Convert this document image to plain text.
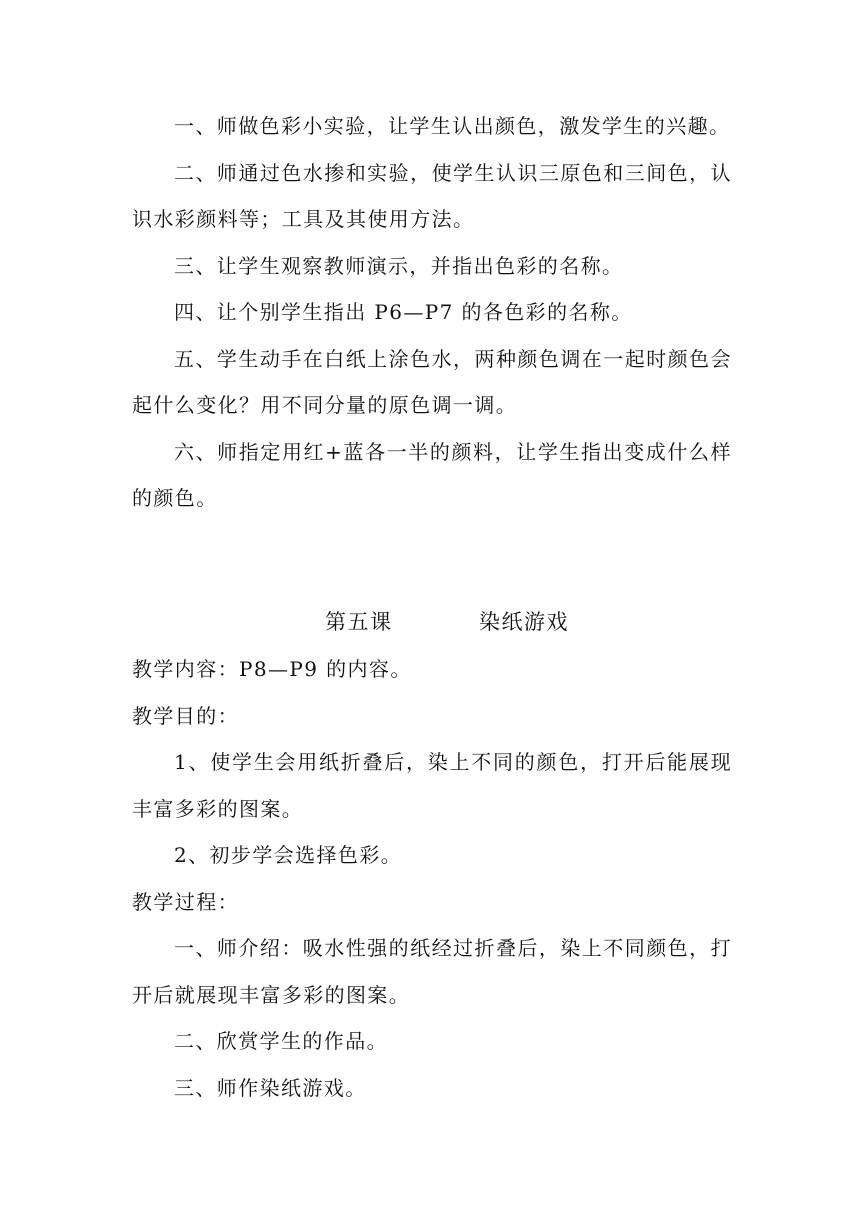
一、师做色彩小实验，让学生认出颜色，激发学生的兴趣。

二、师通过色水掺和实验，使学生认识三原色和三间色，认识水彩颜料等；工具及其使用方法。

三、让学生观察教师演示，并指出色彩的名称。

四、让个别学生指出 P6—P7 的各色彩的名称。

五、学生动手在白纸上涂色水，两种颜色调在一起时颜色会起什么变化？用不同分量的原色调一调。

六、师指定用红+蓝各一半的颜料，让学生指出变成什么样的颜色。

第五课	染纸游戏

教学内容：P8—P9 的内容。

教学目的：

1、使学生会用纸折叠后，染上不同的颜色，打开后能展现丰富多彩的图案。

2、初步学会选择色彩。

教学过程：

一、师介绍：吸水性强的纸经过折叠后，染上不同颜色，打开后就展现丰富多彩的图案。

二、欣赏学生的作品。

三、师作染纸游戏。
